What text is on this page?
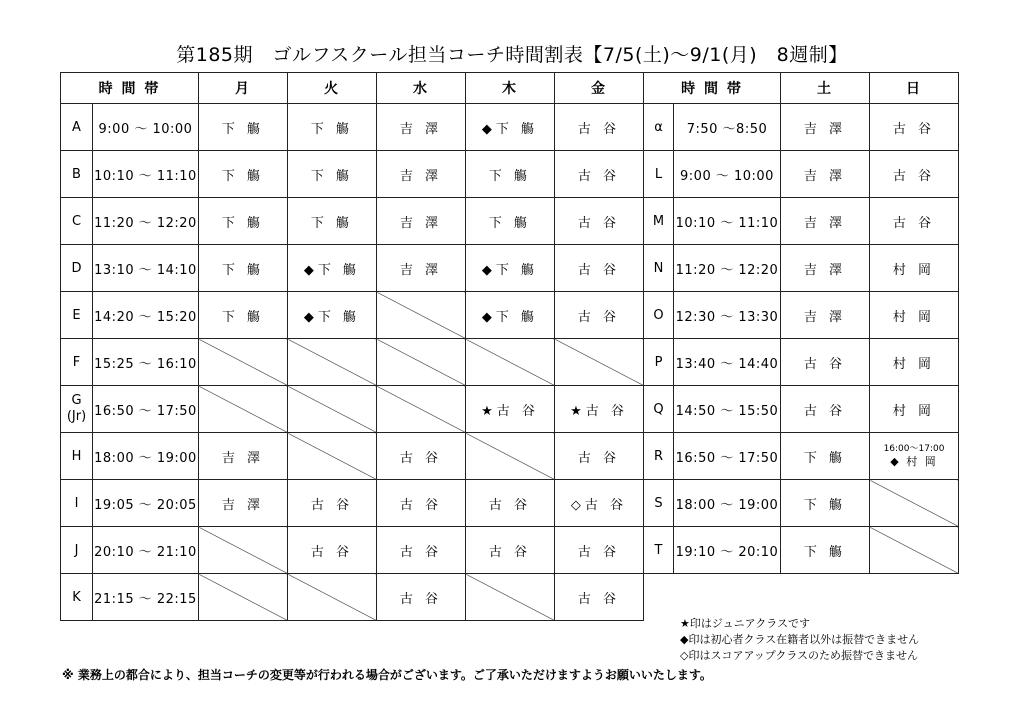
第185期　ゴルフスクール担当コーチ時間割表【7/5(土)～9/1(月)　8週制】
時 間 帯		月	火	水	木	金	時 間 帯		土	日
A	9:00 ～ 10:00	下 觴	下 觴	吉 澤	◆下 觴	古 谷	α	7:50 ～8:50	吉 澤	古 谷
B	10:10 ～ 11:10	下 觴	下 觴	吉 澤	下 觴	古 谷	L	9:00 ～ 10:00	吉 澤	古 谷
C	11:20 ～ 12:20	下 觴	下 觴	吉 澤	下 觴	古 谷	M	10:10 ～ 11:10	吉 澤	古 谷
D	13:10 ～ 14:10	下 觴	◆下 觴	吉 澤	◆下 觴	古 谷	N	11:20 ～ 12:20	吉 澤	村 岡
E	14:20 ～ 15:20	下 觴	◆下 觴		◆下 觴	古 谷	O	12:30 ～ 13:30	吉 澤	村 岡
F	15:25 ～ 16:10						P	13:40 ～ 14:40	古 谷	村 岡
G
(Jr)	16:50 ～ 17:50				★古 谷	★古 谷	Q	14:50 ～ 15:50	古 谷	村 岡
H	18:00 ～ 19:00	吉 澤		古 谷		古 谷	R	16:50 ～ 17:50	下 觴	16:00～17:00
◆ 村 岡

I	19:05 ～ 20:05	吉 澤	古 谷	古 谷	古 谷	◇古 谷	S	18:00 ～ 19:00	下 觴	
J	20:10 ～ 21:10		古 谷	古 谷	古 谷	古 谷	T	19:10 ～ 20:10	下 觴	
K	21:15 ～ 22:15			古 谷		古 谷				
★印はジュニアクラスです
◆印は初心者クラス在籍者以外は振替できません
◇印はスコアアップクラスのため振替できません
※ 業務上の都合により、担当コーチの変更等が行われる場合がございます。ご了承いただけますようお願いいたします。
